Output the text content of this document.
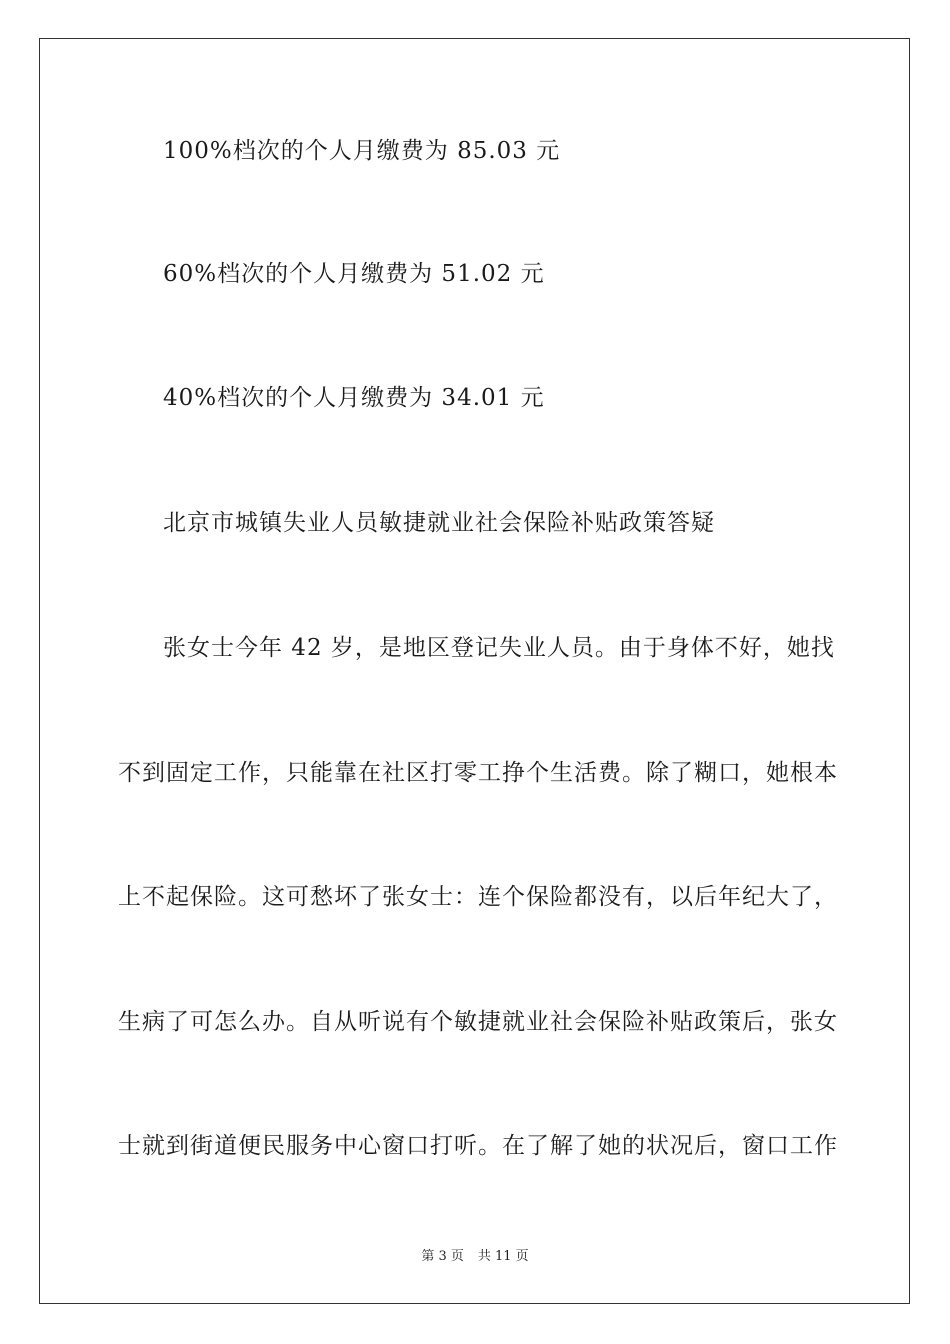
100%档次的个人月缴费为 85.03 元
60%档次的个人月缴费为 51.02 元
40%档次的个人月缴费为 34.01 元
北京市城镇失业人员敏捷就业社会保险补贴政策答疑
张女士今年 42 岁，是地区登记失业人员。由于身体不好，她找
不到固定工作，只能靠在社区打零工挣个生活费。除了糊口，她根本
上不起保险。这可愁坏了张女士：连个保险都没有，以后年纪大了，
生病了可怎么办。自从听说有个敏捷就业社会保险补贴政策后，张女
士就到街道便民服务中心窗口打听。在了解了她的状况后，窗口工作
第 3 页 共 11 页
